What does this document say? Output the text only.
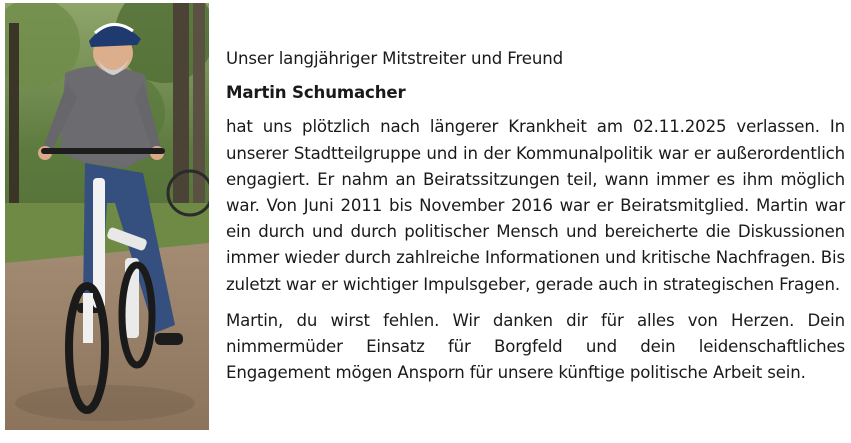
Unser langjähriger Mitstreiter und Freund

Martin Schumacher

hat uns plötzlich nach längerer Krankheit am 02.11.2025 verlassen. In unserer Stadtteilgruppe und in der Kommunalpolitik war er außerordentlich engagiert. Er nahm an Beiratssitzungen teil, wann immer es ihm möglich war. Von Juni 2011 bis November 2016 war er Beiratsmitglied. Martin war ein durch und durch politischer Mensch und bereicherte die Diskussionen immer wieder durch zahlreiche Informationen und kritische Nachfragen. Bis zuletzt war er wichtiger Impulsgeber, gerade auch in strategischen Fragen.

Martin, du wirst fehlen. Wir danken dir für alles von Herzen. Dein nimmermüder Einsatz für Borgfeld und dein leidenschaftliches Engagement mögen Ansporn für unsere künftige politische Arbeit sein.
